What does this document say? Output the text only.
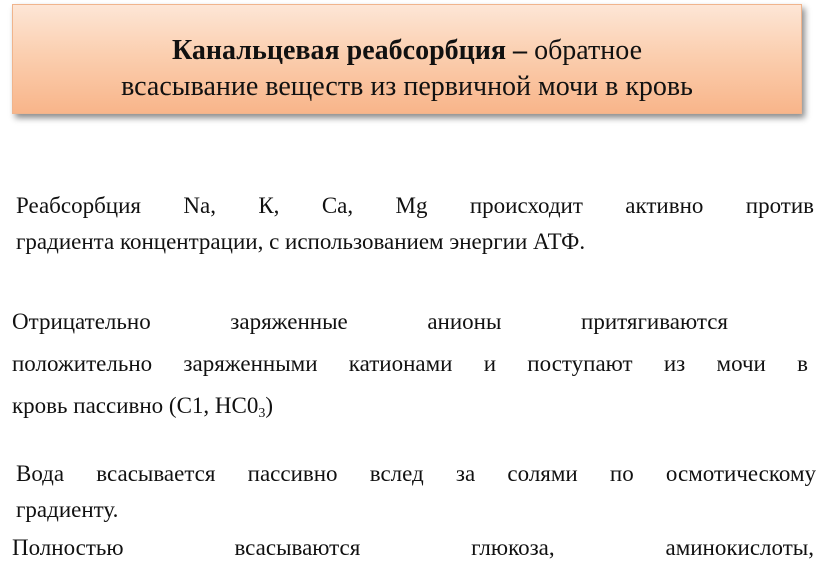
Канальцевая реабсорбция – обратное
всасывание веществ из первичной мочи в кровь
Реабсорбция Na, К, Са, Mg происходит активно против
градиента концентрации, с использованием энергии АТФ.
Отрицательно заряженные анионы притягиваются
положительно заряженными катионами и поступают из мочи в
кровь пассивно (С1, $НС0_3$)
Вода всасывается пассивно вслед за солями по осмотическому
градиенту.
Полностью всасываются глюкоза, аминокислоты,
